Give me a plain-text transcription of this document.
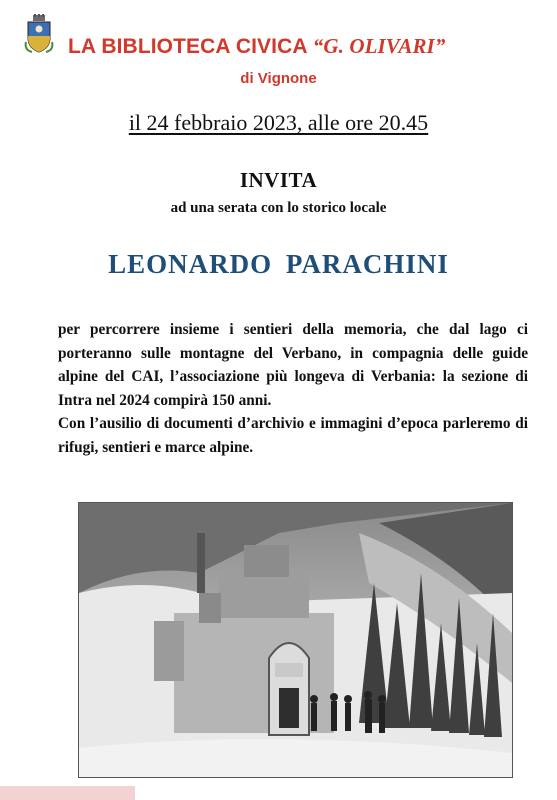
LA BIBLIOTECA CIVICA “G. OLIVARI”
di Vignone
il 24 febbraio 2023, alle ore 20.45
INVITA
ad una serata con lo storico locale
LEONARDO PARACHINI

per percorrere insieme i sentieri della memoria, che dal lago ci porteranno sulle montagne del Verbano, in compagnia delle guide alpine del CAI, l’associazione più longeva di Verbania: la sezione di Intra nel 2024 compirà 150 anni.

Con l’ausilio di documenti d’archivio e immagini d’epoca parleremo di rifugi, sentieri e marce alpine.
